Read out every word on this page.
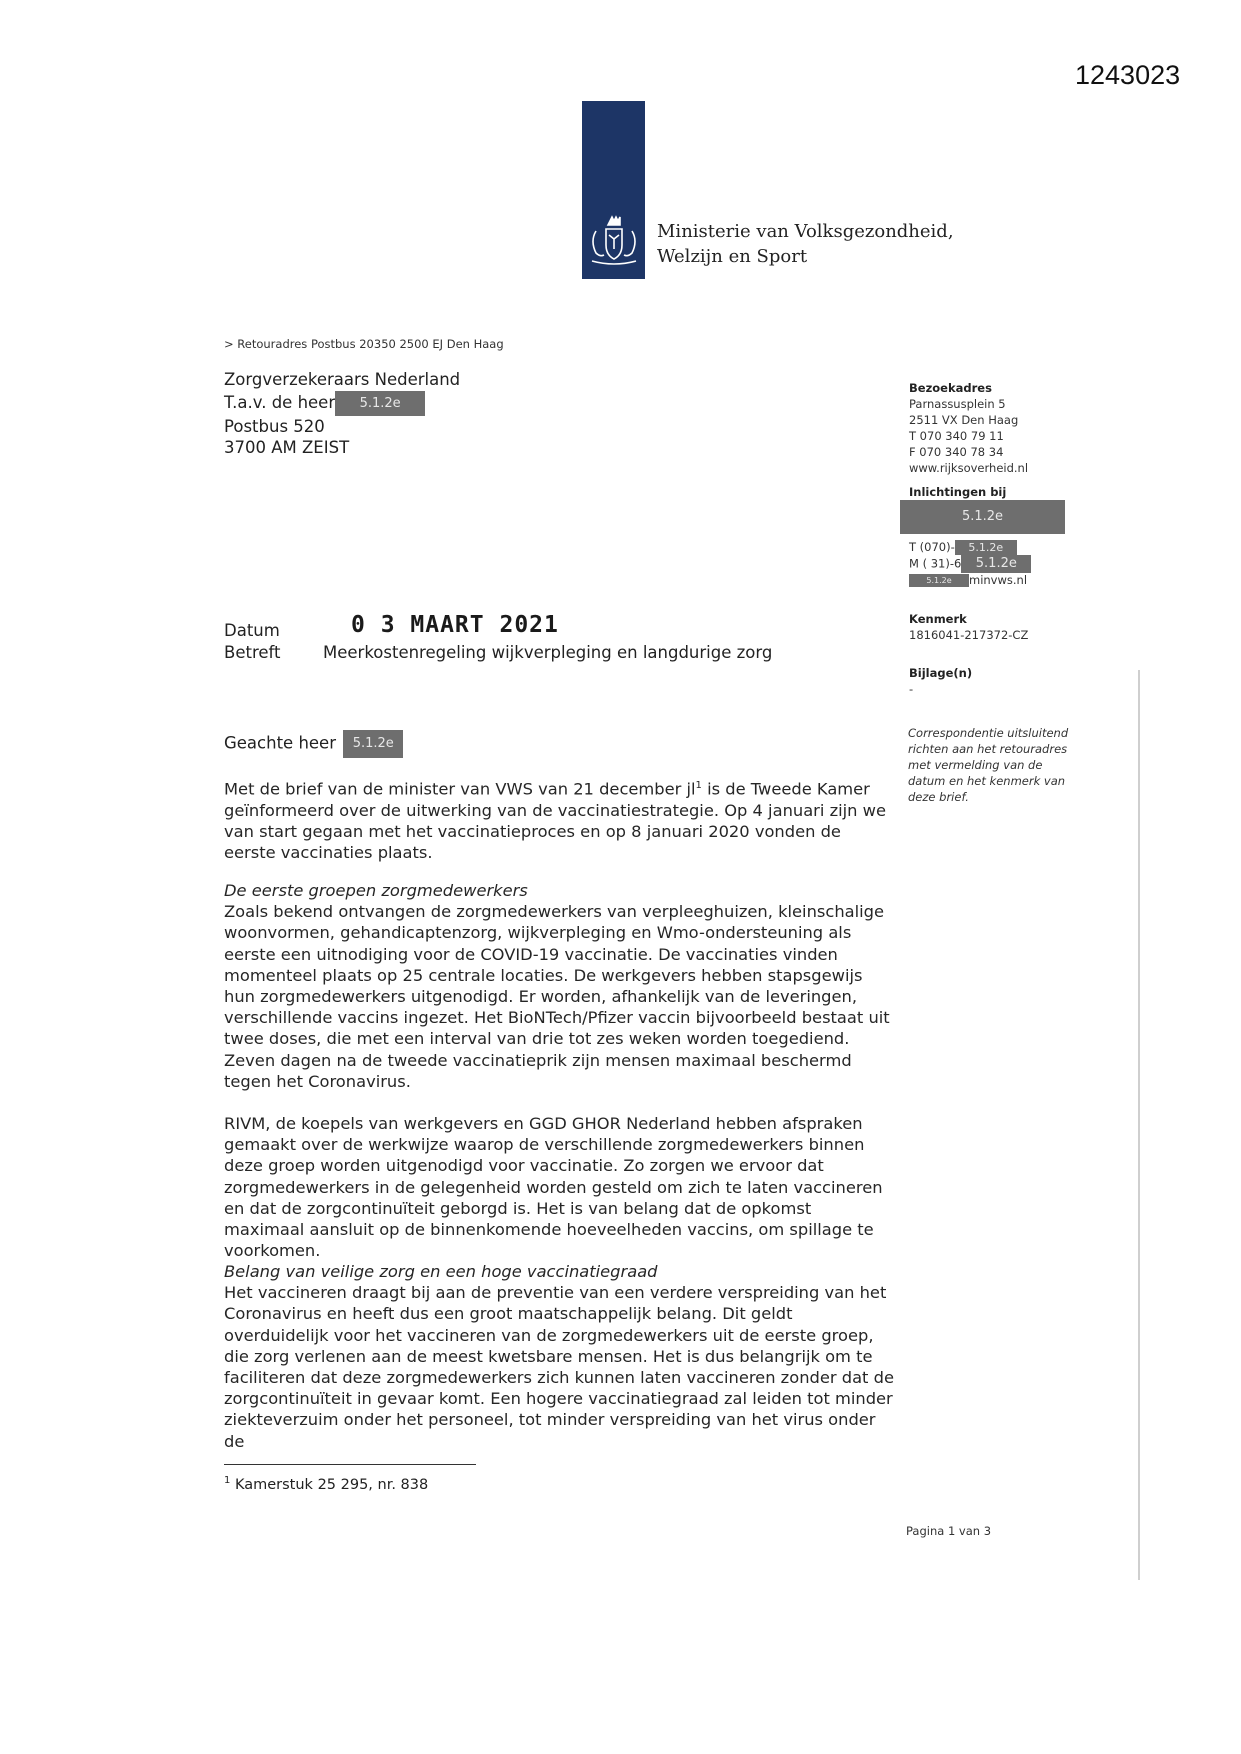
1243023
Ministerie van Volksgezondheid,
Welzijn en Sport
> Retouradres Postbus 20350 2500 EJ Den Haag
Zorgverzekeraars Nederland
T.a.v. de heer 5.1.2e
Postbus 520
3700 AM ZEIST
Bezoekadres
Parnassusplein 5
2511 VX Den Haag
T 070 340 79 11
F 070 340 78 34
www.rijksoverheid.nl
Inlichtingen bij
5.1.2e
T (070)- 5.1.2e
M ( 31)-6 5.1.2e
5.1.2e minvws.nl
Kenmerk
1816041-217372-CZ
Bijlage(n)
-
Correspondentie uitsluitend richten aan het retouradres met vermelding van de datum en het kenmerk van deze brief.
Datum	0 3 MAART 2021
Betreft	Meerkostenregeling wijkverpleging en langdurige zorg
Geachte heer 5.1.2e

Met de brief van de minister van VWS van 21 december $jl^1$ is de Tweede Kamer geïnformeerd over de uitwerking van de vaccinatiestrategie. Op 4 januari zijn we van start gegaan met het vaccinatieproces en op 8 januari 2020 vonden de eerste vaccinaties plaats.

De eerste groepen zorgmedewerkers

Zoals bekend ontvangen de zorgmedewerkers van verpleeghuizen, kleinschalige woonvormen, gehandicaptenzorg, wijkverpleging en Wmo-ondersteuning als eerste een uitnodiging voor de COVID-19 vaccinatie. De vaccinaties vinden momenteel plaats op 25 centrale locaties. De werkgevers hebben stapsgewijs hun zorgmedewerkers uitgenodigd. Er worden, afhankelijk van de leveringen, verschillende vaccins ingezet. Het BioNTech/Pfizer vaccin bijvoorbeeld bestaat uit twee doses, die met een interval van drie tot zes weken worden toegediend. Zeven dagen na de tweede vaccinatieprik zijn mensen maximaal beschermd tegen het Coronavirus.

RIVM, de koepels van werkgevers en GGD GHOR Nederland hebben afspraken gemaakt over de werkwijze waarop de verschillende zorgmedewerkers binnen deze groep worden uitgenodigd voor vaccinatie. Zo zorgen we ervoor dat zorgmedewerkers in de gelegenheid worden gesteld om zich te laten vaccineren en dat de zorgcontinuïteit geborgd is. Het is van belang dat de opkomst maximaal aansluit op de binnenkomende hoeveelheden vaccins, om spillage te voorkomen.

Belang van veilige zorg en een hoge vaccinatiegraad

Het vaccineren draagt bij aan de preventie van een verdere verspreiding van het Coronavirus en heeft dus een groot maatschappelijk belang. Dit geldt overduidelijk voor het vaccineren van de zorgmedewerkers uit de eerste groep, die zorg verlenen aan de meest kwetsbare mensen. Het is dus belangrijk om te faciliteren dat deze zorgmedewerkers zich kunnen laten vaccineren zonder dat de zorgcontinuïteit in gevaar komt. Een hogere vaccinatiegraad zal leiden tot minder ziekteverzuim onder het personeel, tot minder verspreiding van het virus onder de

$^1$ Kamerstuk 25 295, nr. 838
Pagina 1 van 3
